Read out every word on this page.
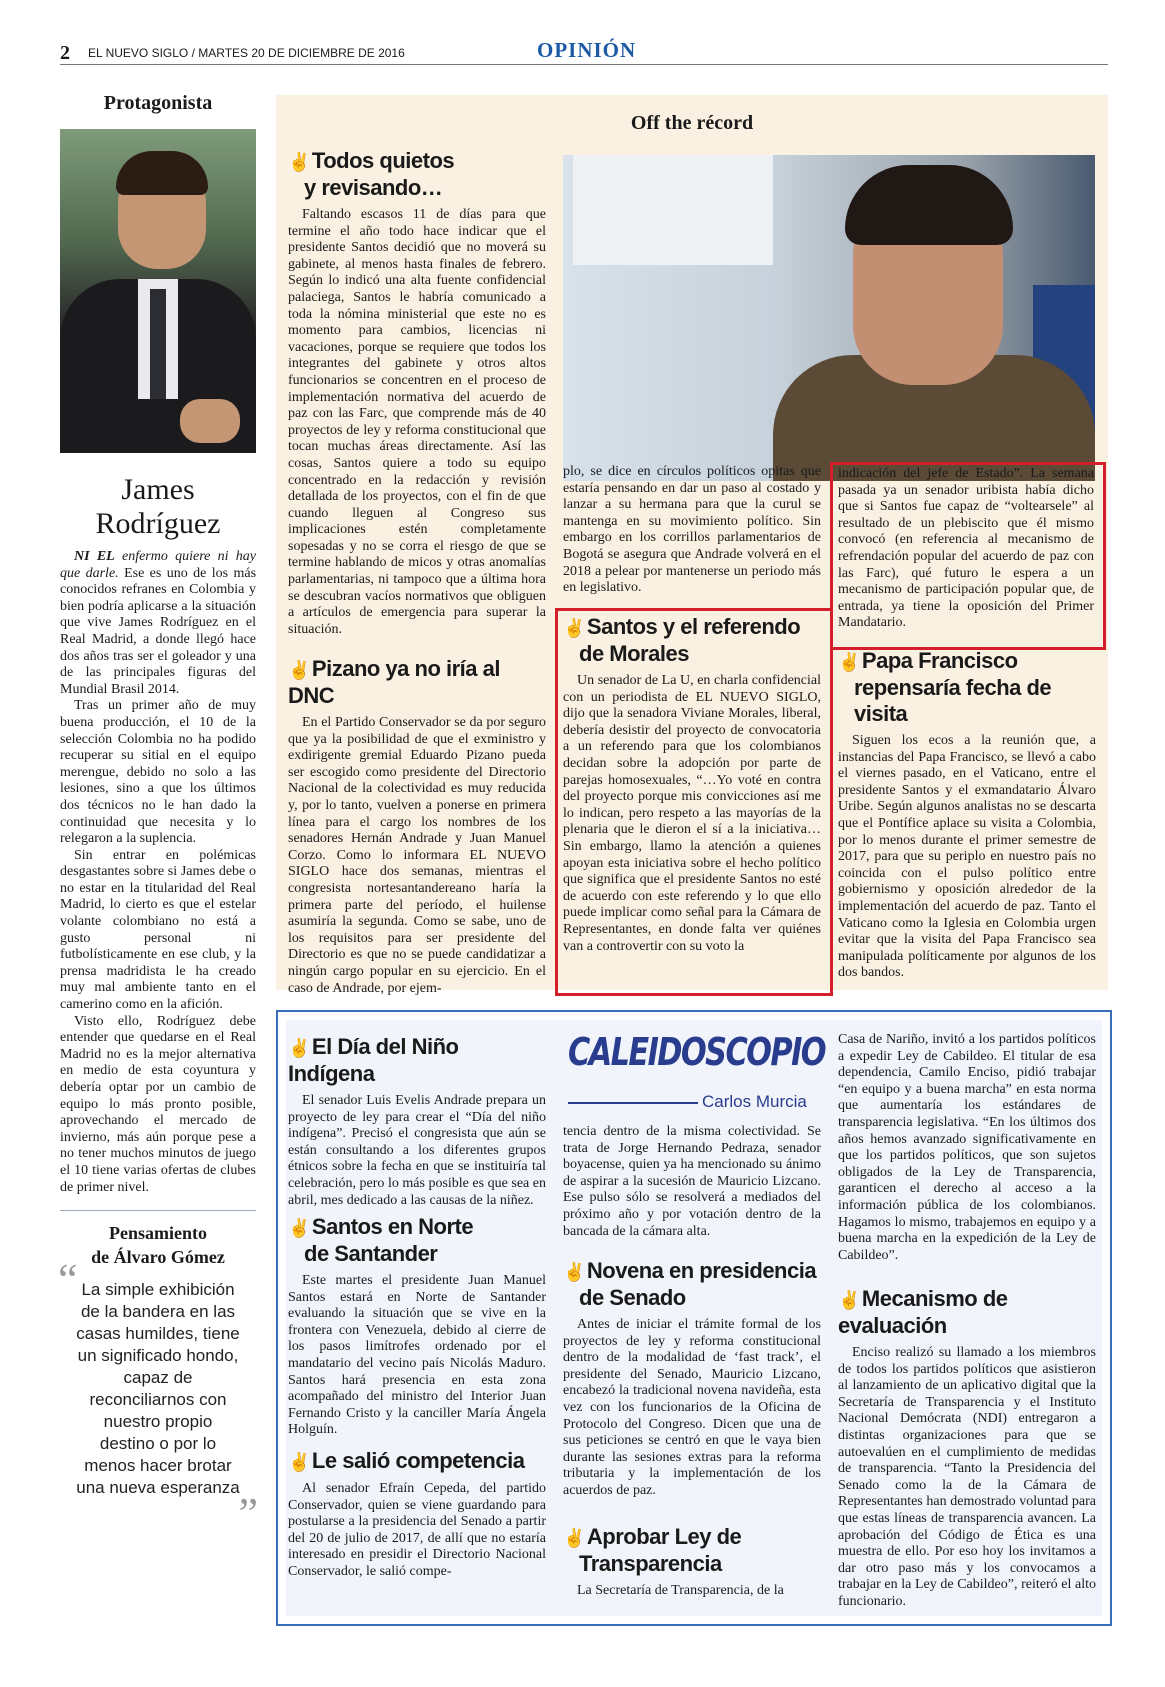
2 EL NUEVO SIGLO / MARTES 20 DE DICIEMBRE DE 2016	OPINIÓN
Protagonista
James
Rodríguez

NI EL enfermo quiere ni hay que darle. Ese es uno de los más conocidos refranes en Colombia y bien podría aplicarse a la situación que vive James Rodríguez en el Real Madrid, a donde llegó hace dos años tras ser el goleador y una de las principales figuras del Mundial Brasil 2014.

Tras un primer año de muy buena producción, el 10 de la selección Colombia no ha podido recuperar su sitial en el equipo merengue, debido no solo a las lesiones, sino a que los últimos dos técnicos no le han dado la continuidad que necesita y lo relegaron a la suplencia.

Sin entrar en polémicas desgastantes sobre si James debe o no estar en la titularidad del Real Madrid, lo cierto es que el estelar volante colombiano no está a gusto personal ni futbolísticamente en ese club, y la prensa madridista le ha creado muy mal ambiente tanto en el camerino como en la afición.

Visto ello, Rodríguez debe entender que quedarse en el Real Madrid no es la mejor alternativa en medio de esta coyuntura y debería optar por un cambio de equipo lo más pronto posible, aprovechando el mercado de invierno, más aún porque pese a no tener muchos minutos de juego el 10 tiene varias ofertas de clubes de primer nivel.

Pensamiento
de Álvaro Gómez
“ La simple exhibición de la bandera en las casas humildes, tiene un significado hondo, capaz de reconciliarnos con nuestro propio destino o por lo menos hacer brotar una nueva esperanza
”
Off the récord
✌Todos quietos
y revisando…

Faltando escasos 11 de días para que termine el año todo hace indicar que el presidente Santos decidió que no moverá su gabinete, al menos hasta finales de febrero. Según lo indicó una alta fuente confidencial palaciega, Santos le habría comunicado a toda la nómina ministerial que este no es momento para cambios, licencias ni vacaciones, porque se requiere que todos los integrantes del gabinete y otros altos funcionarios se concentren en el proceso de implementación normativa del acuerdo de paz con las Farc, que comprende más de 40 proyectos de ley y reforma constitucional que tocan muchas áreas directamente. Así las cosas, Santos quiere a todo su equipo concentrado en la redacción y revisión detallada de los proyectos, con el fin de que cuando lleguen al Congreso sus implicaciones estén completamente sopesadas y no se corra el riesgo de que se termine hablando de micos y otras anomalías parlamentarias, ni tampoco que a última hora se descubran vacíos normativos que obliguen a artículos de emergencia para superar la situación.

✌Pizano ya no iría al DNC

En el Partido Conservador se da por seguro que ya la posibilidad de que el exministro y exdirigente gremial Eduardo Pizano pueda ser escogido como presidente del Directorio Nacional de la colectividad es muy reducida y, por lo tanto, vuelven a ponerse en primera línea para el cargo los nombres de los senadores Hernán Andrade y Juan Manuel Corzo. Como lo informara EL NUEVO SIGLO hace dos semanas, mientras el congresista nortesantandereano haría la primera parte del período, el huilense asumiría la segunda. Como se sabe, uno de los requisitos para ser presidente del Directorio es que no se puede candidatizar a ningún cargo popular en su ejercicio. En el caso de Andrade, por ejem-

plo, se dice en círculos políticos opitas que estaría pensando en dar un paso al costado y lanzar a su hermana para que la curul se mantenga en su movimiento político. Sin embargo en los corrillos parlamentarios de Bogotá se asegura que Andrade volverá en el 2018 a pelear por mantenerse un periodo más en legislativo.

✌Santos y el referendo
de Morales

Un senador de La U, en charla confidencial con un periodista de EL NUEVO SIGLO, dijo que la senadora Viviane Morales, liberal, debería desistir del proyecto de convocatoria a un referendo para que los colombianos decidan sobre la adopción por parte de parejas homosexuales, “…Yo voté en contra del proyecto porque mis convicciones así me lo indican, pero respeto a las mayorías de la plenaria que le dieron el sí a la iniciativa… Sin embargo, llamo la atención a quienes apoyan esta iniciativa sobre el hecho político que significa que el presidente Santos no esté de acuerdo con este referendo y lo que ello puede implicar como señal para la Cámara de Representantes, en donde falta ver quiénes van a controvertir con su voto la

indicación del jefe de Estado”. La semana pasada ya un senador uribista había dicho que si Santos fue capaz de “voltearsele” al resultado de un plebiscito que él mismo convocó (en referencia al mecanismo de refrendación popular del acuerdo de paz con las Farc), qué futuro le espera a un mecanismo de participación popular que, de entrada, ya tiene la oposición del Primer Mandatario.

✌Papa Francisco
repensaría fecha de visita

Siguen los ecos a la reunión que, a instancias del Papa Francisco, se llevó a cabo el viernes pasado, en el Vaticano, entre el presidente Santos y el exmandatario Álvaro Uribe. Según algunos analistas no se descarta que el Pontífice aplace su visita a Colombia, por lo menos durante el primer semestre de 2017, para que su periplo en nuestro país no coincida con el pulso político entre gobiernismo y oposición alrededor de la implementación del acuerdo de paz. Tanto el Vaticano como la Iglesia en Colombia urgen evitar que la visita del Papa Francisco sea manipulada políticamente por algunos de los dos bandos.

CALEIDOSCOPIO
Carlos Murcia
✌El Día del Niño Indígena

El senador Luis Evelis Andrade prepara un proyecto de ley para crear el “Día del niño indígena”. Precisó el congresista que aún se están consultando a los diferentes grupos étnicos sobre la fecha en que se instituiría tal celebración, pero lo más posible es que sea en abril, mes dedicado a las causas de la niñez.

✌Santos en Norte
de Santander

Este martes el presidente Juan Manuel Santos estará en Norte de Santander evaluando la situación que se vive en la frontera con Venezuela, debido al cierre de los pasos limítrofes ordenado por el mandatario del vecino país Nicolás Maduro. Santos hará presencia en esta zona acompañado del ministro del Interior Juan Fernando Cristo y la canciller María Ángela Holguín.

✌Le salió competencia

Al senador Efraín Cepeda, del partido Conservador, quien se viene guardando para postularse a la presidencia del Senado a partir del 20 de julio de 2017, de allí que no estaría interesado en presidir el Directorio Nacional Conservador, le salió compe-

tencia dentro de la misma colectividad. Se trata de Jorge Hernando Pedraza, senador boyacense, quien ya ha mencionado su ánimo de aspirar a la sucesión de Mauricio Lizcano. Ese pulso sólo se resolverá a mediados del próximo año y por votación dentro de la bancada de la cámara alta.

✌Novena en presidencia
de Senado

Antes de iniciar el trámite formal de los proyectos de ley y reforma constitucional dentro de la modalidad de ‘fast track’, el presidente del Senado, Mauricio Lizcano, encabezó la tradicional novena navideña, esta vez con los funcionarios de la Oficina de Protocolo del Congreso. Dicen que una de sus peticiones se centró en que le vaya bien durante las sesiones extras para la reforma tributaria y la implementación de los acuerdos de paz.

✌Aprobar Ley de
Transparencia

La Secretaría de Transparencia, de la

Casa de Nariño, invitó a los partidos políticos a expedir Ley de Cabildeo. El titular de esa dependencia, Camilo Enciso, pidió trabajar “en equipo y a buena marcha” en esta norma que aumentaría los estándares de transparencia legislativa. “En los últimos dos años hemos avanzado significativamente en que los partidos políticos, que son sujetos obligados de la Ley de Transparencia, garanticen el derecho al acceso a la información pública de los colombianos. Hagamos lo mismo, trabajemos en equipo y a buena marcha en la expedición de la Ley de Cabildeo”.

✌Mecanismo de evaluación

Enciso realizó su llamado a los miembros de todos los partidos políticos que asistieron al lanzamiento de un aplicativo digital que la Secretaría de Transparencia y el Instituto Nacional Demócrata (NDI) entregaron a distintas organizaciones para que se autoevalúen en el cumplimiento de medidas de transparencia. “Tanto la Presidencia del Senado como la de la Cámara de Representantes han demostrado voluntad para que estas líneas de transparencia avancen. La aprobación del Código de Ética es una muestra de ello. Por eso hoy los invitamos a dar otro paso más y los convocamos a trabajar en la Ley de Cabildeo”, reiteró el alto funcionario.
